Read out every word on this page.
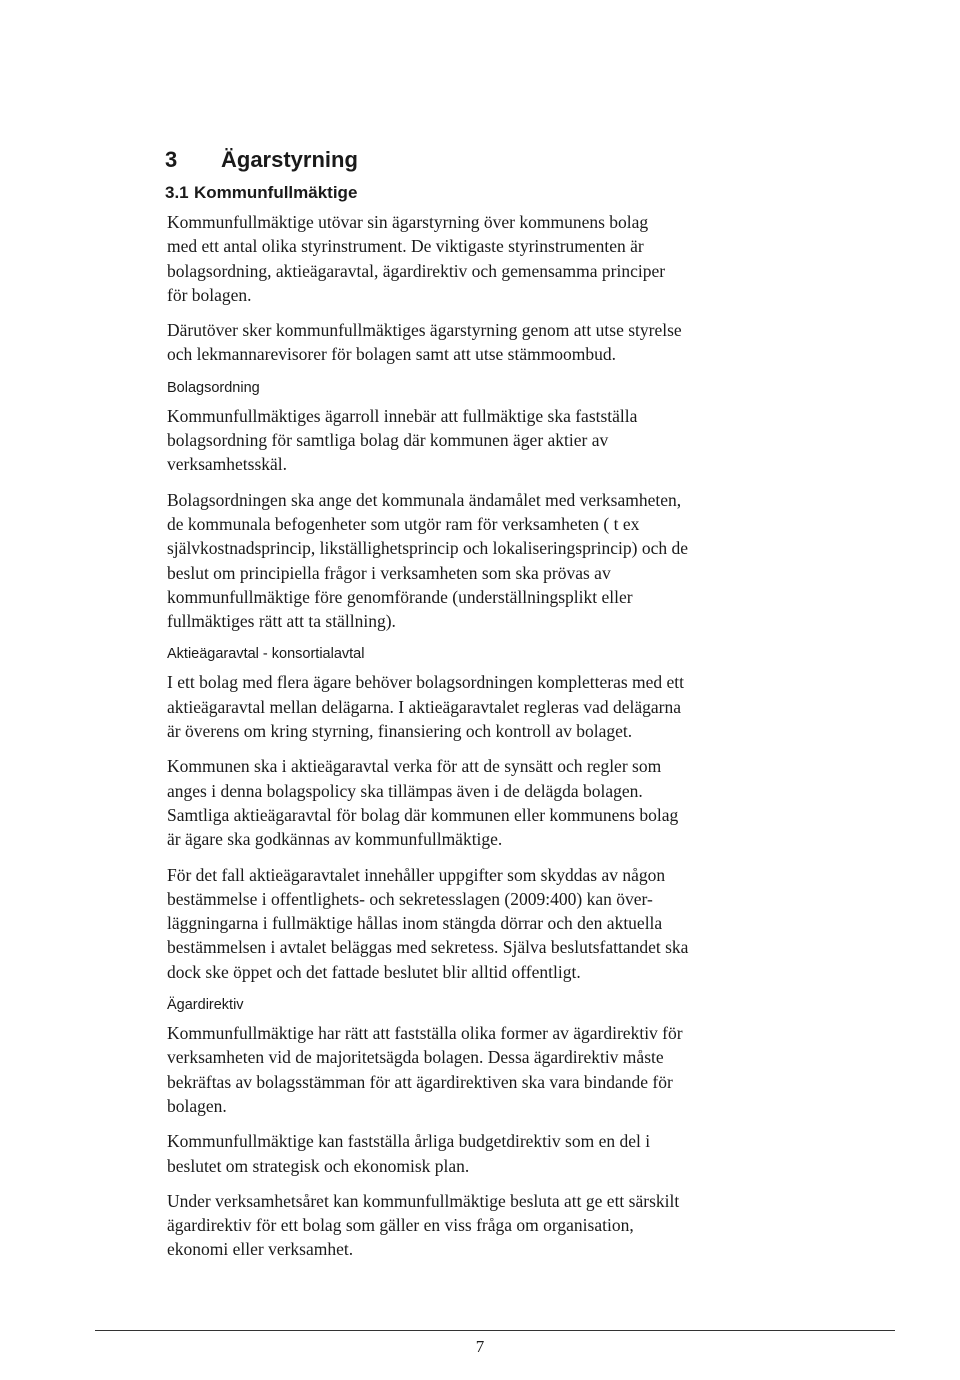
3 Ägarstyrning
3.1 Kommunfullmäktige

Kommunfullmäktige utövar sin ägarstyrning över kommunens bolag
med ett antal olika styrinstrument. De viktigaste styrinstrumenten är
bolagsordning, aktieägaravtal, ägardirektiv och gemensamma principer
för bolagen.

Därutöver sker kommunfullmäktiges ägarstyrning genom att utse styrelse
och lekmannarevisorer för bolagen samt att utse stämmoombud.

Bolagsordning

Kommunfullmäktiges ägarroll innebär att fullmäktige ska fastställa
bolagsordning för samtliga bolag där kommunen äger aktier av
verksamhetsskäl.

Bolagsordningen ska ange det kommunala ändamålet med verksamheten,
de kommunala befogenheter som utgör ram för verksamheten ( t ex
självkostnadsprincip, likställighetsprincip och lokaliseringsprincip) och de
beslut om principiella frågor i verksamheten som ska prövas av
kommunfullmäktige före genomförande (underställningsplikt eller
fullmäktiges rätt att ta ställning).

Aktieägaravtal - konsortialavtal

I ett bolag med flera ägare behöver bolagsordningen kompletteras med ett
aktieägaravtal mellan delägarna. I aktieägaravtalet regleras vad delägarna
är överens om kring styrning, finansiering och kontroll av bolaget.

Kommunen ska i aktieägaravtal verka för att de synsätt och regler som
anges i denna bolagspolicy ska tillämpas även i de delägda bolagen.
Samtliga aktieägaravtal för bolag där kommunen eller kommunens bolag
är ägare ska godkännas av kommunfullmäktige.

För det fall aktieägaravtalet innehåller uppgifter som skyddas av någon
bestämmelse i offentlighets- och sekretesslagen (2009:400) kan över-
läggningarna i fullmäktige hållas inom stängda dörrar och den aktuella
bestämmelsen i avtalet beläggas med sekretess. Själva beslutsfattandet ska
dock ske öppet och det fattade beslutet blir alltid offentligt.

Ägardirektiv

Kommunfullmäktige har rätt att fastställa olika former av ägardirektiv för
verksamheten vid de majoritetsägda bolagen. Dessa ägardirektiv måste
bekräftas av bolagsstämman för att ägardirektiven ska vara bindande för
bolagen.

Kommunfullmäktige kan fastställa årliga budgetdirektiv som en del i
beslutet om strategisk och ekonomisk plan.

Under verksamhetsåret kan kommunfullmäktige besluta att ge ett särskilt
ägardirektiv för ett bolag som gäller en viss fråga om organisation,
ekonomi eller verksamhet.

7
